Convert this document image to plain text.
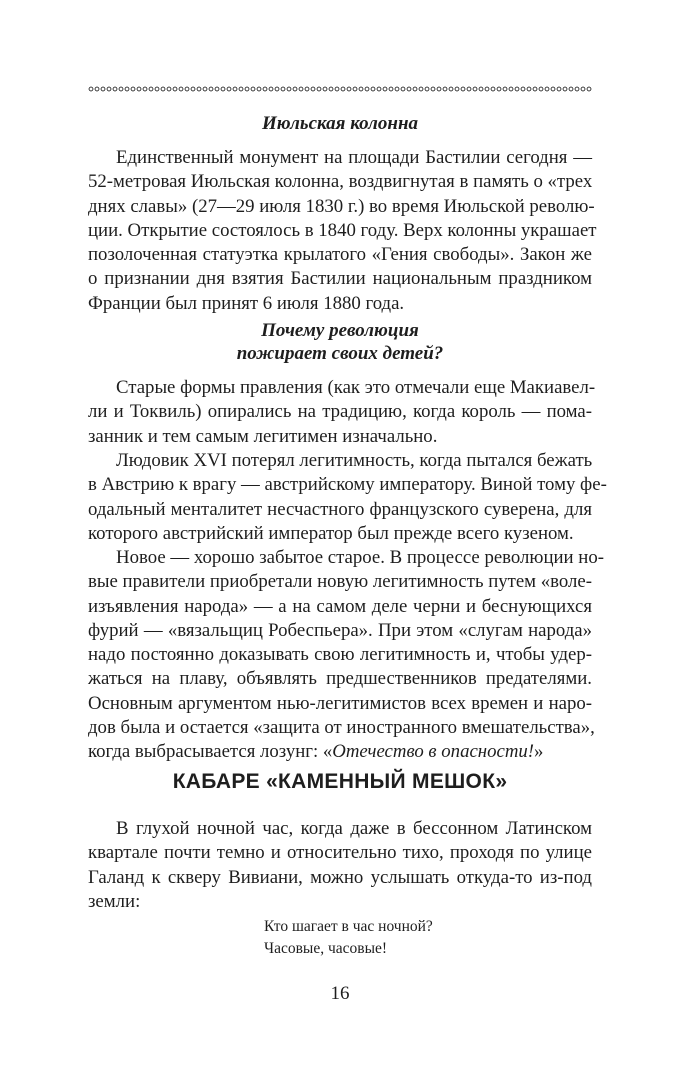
Июльская колонна

Единственный монумент на площади Бастилии сегодня —
52-метровая Июльская колонна, воздвигнутая в память о «трех
днях славы» (27—29 июля 1830 г.) во время Июльской револю-
ции. Открытие состоялось в 1840 году. Верх колонны украшает
позолоченная статуэтка крылатого «Гения свободы». Закон же
о признании дня взятия Бастилии национальным праздником
Франции был принят 6 июля 1880 года.

Почему революция
пожирает своих детей?

Старые формы правления (как это отмечали еще Макиавел-
ли и Токвиль) опирались на традицию, когда король — пома-
занник и тем самым легитимен изначально.

Людовик XVI потерял легитимность, когда пытался бежать
в Австрию к врагу — австрийскому императору. Виной тому фе-
одальный менталитет несчастного французского суверена, для
которого австрийский император был прежде всего кузеном.

Новое — хорошо забытое старое. В процессе революции но-
вые правители приобретали новую легитимность путем «воле-
изъявления народа» — а на самом деле черни и беснующихся
фурий — «вязальщиц Робеспьера». При этом «слугам народа»
надо постоянно доказывать свою легитимность и, чтобы удер-
жаться на плаву, объявлять предшественников предателями.
Основным аргументом нью-легитимистов всех времен и наро-
дов была и остается «защита от иностранного вмешательства»,
когда выбрасывается лозунг: «Отечество в опасности!»

КАБАРЕ «КАМЕННЫЙ МЕШОК»

В глухой ночной час, когда даже в бессонном Латинском
квартале почти темно и относительно тихо, проходя по улице
Галанд к скверу Вивиани, можно услышать откуда-то из-под
земли:

Кто шагает в час ночной?
Часовые, часовые!

16
